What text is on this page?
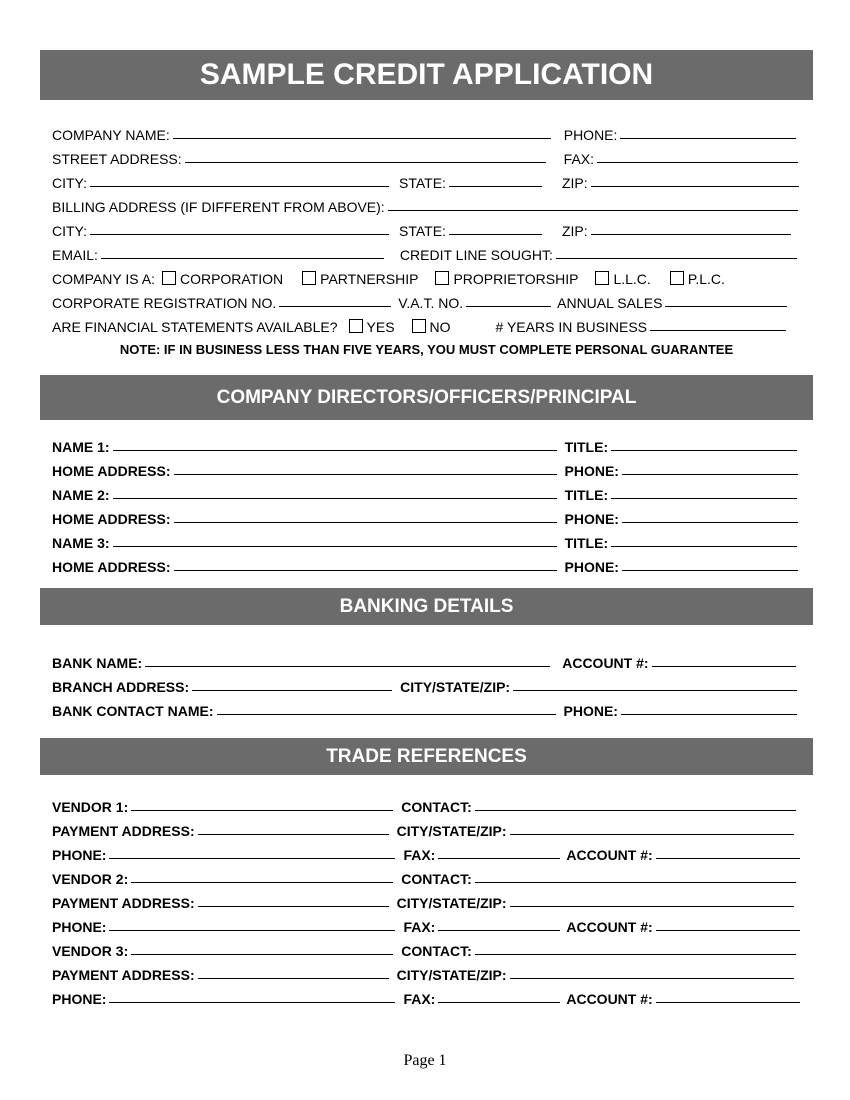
SAMPLE CREDIT APPLICATION
COMPANY NAME:	PHONE:
STREET ADDRESS:	FAX:
CITY:	STATE:	ZIP:
BILLING ADDRESS (IF DIFFERENT FROM ABOVE):
CITY:	STATE:	ZIP:
EMAIL:	CREDIT LINE SOUGHT:
COMPANY IS A: CORPORATION	PARTNERSHIP	PROPRIETORSHIP	L.L.C.	P.L.C.
CORPORATE REGISTRATION NO.	V.A.T. NO.	ANNUAL SALES
ARE FINANCIAL STATEMENTS AVAILABLE? YES	NO	# YEARS IN BUSINESS
NOTE: IF IN BUSINESS LESS THAN FIVE YEARS, YOU MUST COMPLETE PERSONAL GUARANTEE
COMPANY DIRECTORS/OFFICERS/PRINCIPAL
NAME 1:	TITLE:
HOME ADDRESS:	PHONE:
NAME 2:	TITLE:
HOME ADDRESS:	PHONE:
NAME 3:	TITLE:
HOME ADDRESS:	PHONE:
BANKING DETAILS
BANK NAME:	ACCOUNT #:
BRANCH ADDRESS:	CITY/STATE/ZIP:
BANK CONTACT NAME:	PHONE:
TRADE REFERENCES
VENDOR 1:	CONTACT:
PAYMENT ADDRESS:	CITY/STATE/ZIP:
PHONE:	FAX:	ACCOUNT #:
VENDOR 2:	CONTACT:
PAYMENT ADDRESS:	CITY/STATE/ZIP:
PHONE:	FAX:	ACCOUNT #:
VENDOR 3:	CONTACT:
PAYMENT ADDRESS:	CITY/STATE/ZIP:
PHONE:	FAX:	ACCOUNT #:
Page 1
